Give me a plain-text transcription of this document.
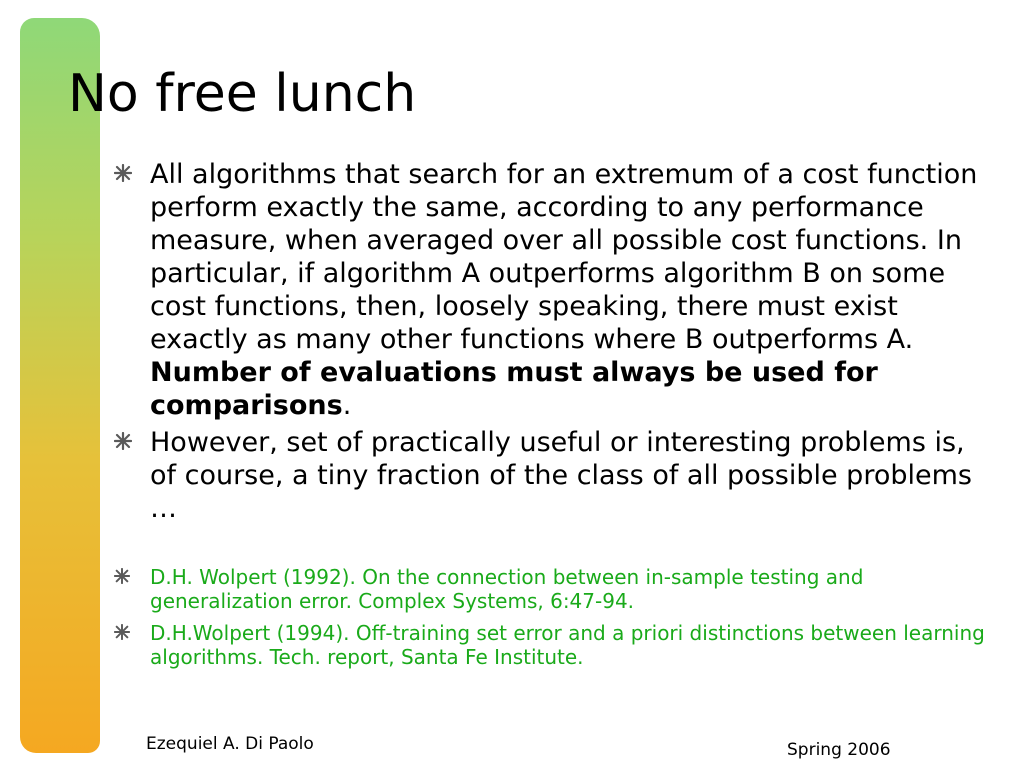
No free lunch
All algorithms that search for an extremum of a cost function perform exactly the same, according to any performance measure, when averaged over all possible cost functions. In particular, if algorithm A outperforms algorithm B on some cost functions, then, loosely speaking, there must exist exactly as many other functions where B outperforms A. Number of evaluations must always be used for comparisons.
However, set of practically useful or interesting problems is, of course, a tiny fraction of the class of all possible problems …
D.H. Wolpert (1992). On the connection between in-sample testing and generalization error. Complex Systems, 6:47-94.
D.H.Wolpert (1994). Off-training set error and a priori distinctions between learning algorithms. Tech. report, Santa Fe Institute.
Ezequiel A. Di Paolo	Spring 2006
